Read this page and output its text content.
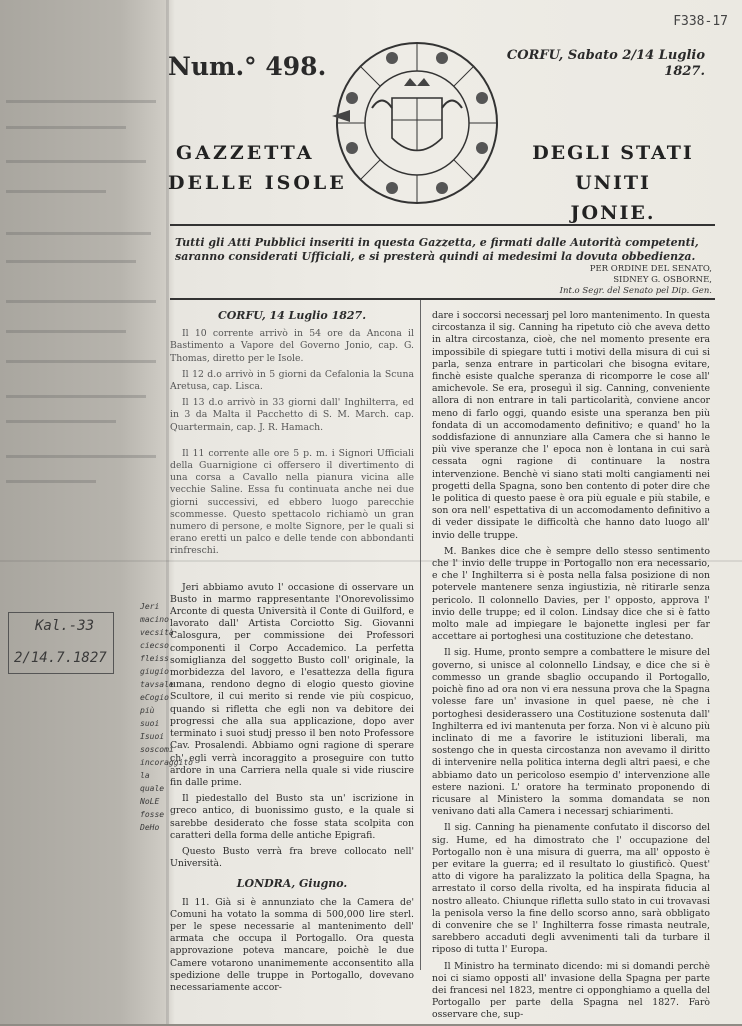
F338-17
Num.° 498.	CORFU, Sabato 2/14 Luglio
1827.
GAZZETTA
DELLE ISOLE
DEGLI STATI UNITI
JONIE.
Tutti gli Atti Pubblici inseriti in questa Gazzetta, e firmati dalle Autorità competenti, saranno considerati Ufficiali, e si presterà quindi ai medesimi la dovuta obbedienza.
PER ORDINE DEL SENATO,
SIDNEY G. OSBORNE,
Int.o Segr. del Senato pel Dip. Gen.

CORFU, 14 Luglio 1827.

Il 10 corrente arrivò in 54 ore da Ancona il Bastimento a Vapore del Governo Jonio, cap. G. Thomas, diretto per le Isole.

Il 12 d.o arrivò in 5 giorni da Cefalonia la Scuna Aretusa, cap. Lisca.

Il 13 d.o arrivò in 33 giorni dall' Inghilterra, ed in 3 da Malta il Pacchetto di S. M. March. cap. Quartermain, cap. J. R. Hamach.

Il 11 corrente alle ore 5 p. m. i Signori Ufficiali della Guarnigione ci offersero il divertimento di una corsa a Cavallo nella pianura vicina alle vecchie Saline. Essa fu continuata anche nei due giorni successivi, ed ebbero luogo parecchie scommesse. Questo spettacolo richiamò un gran numero di persone, e molte Signore, per le quali si erano eretti un palco e delle tende con abbondanti rinfreschi.

Jeri abbiamo avuto l' occasione di osservare un Busto in marmo rappresentante l'Onorevolissimo Arconte di questa Università il Conte di Guilford, e lavorato dall' Artista Corciotto Sig. Giovanni Calosgura, per commissione dei Professori componenti il Corpo Accademico. La perfetta somiglianza del soggetto Busto coll' originale, la morbidezza del lavoro, e l'esattezza della figura umana, rendono degno di elogio questo giovine Scultore, il cui merito si rende vie più cospicuo, quando si rifletta che egli non va debitore dei progressi che alla sua applicazione, dopo aver terminato i suoi studj presso il ben noto Professore Cav. Prosalendi. Abbiamo ogni ragione di sperare ch' egli verrà incoraggito a proseguire con tutto ardore in una Carriera nella quale si vide riuscire fin dalle prime.

Il piedestallo del Busto sta un' iscrizione in greco antico, di buonissimo gusto, e la quale si sarebbe desiderato che fosse stata scolpita con caratteri della forma delle antiche Epigrafi.

Questo Busto verrà fra breve collocato nell' Università.

LONDRA, Giugno.

Il 11. Già si è annunziato che la Camera de' Comuni ha votato la somma di 500,000 lire sterl. per le spese necessarie al mantenimento dell' armata che occupa il Portogallo. Ora questa approvazione poteva mancare, poichè le due Camere votarono unanimemente acconsentito alla spedizione delle truppe in Portogallo, dovevano necessariamente accor-

dare i soccorsi necessarj pel loro mantenimento. In questa circostanza il sig. Canning ha ripetuto ciò che aveva detto in altra circostanza, cioè, che nel momento presente era impossibile di spiegare tutti i motivi della misura di cui si parla, senza entrare in particolari che bisogna evitare, finchè esiste qualche speranza di ricomporre le cose all' amichevole. Se era, proseguì il sig. Canning, conveniente allora di non entrare in tali particolarità, conviene ancor meno di farlo oggi, quando esiste una speranza ben più fondata di un accomodamento definitivo; e quand' ho la soddisfazione di annunziare alla Camera che si hanno le più vive speranze che l' epoca non è lontana in cui sarà cessata ogni ragione di continuare la nostra intervenzione. Benchè vi siano stati molti cangiamenti nei progetti della Spagna, sono ben contento di poter dire che le politica di questo paese è ora più eguale e più stabile, e son ora nell' espettativa di un accomodamento definitivo a di veder dissipate le difficoltà che hanno dato luogo all' invio delle truppe.

M. Bankes dice che è sempre dello stesso sentimento che l' invio delle truppe in Portogallo non era necessario, e che l' Inghilterra si è posta nella falsa posizione di non potervele mantenere senza ingiustizia, nè ritirarle senza pericolo. Il colonnello Davies, per l' opposto, approva l' invio delle truppe; ed il colon. Lindsay dice che si è fatto molto male ad impiegare le bajonette inglesi per far accettare ai portoghesi una costituzione che detestano.

Il sig. Hume, pronto sempre a combattere le misure del governo, si unisce al colonnello Lindsay, e dice che si è commesso un grande sbaglio occupando il Portogallo, poichè fino ad ora non vi era nessuna prova che la Spagna volesse fare un' invasione in quel paese, nè che i portoghesi desiderassero una Costituzione sostenuta dall' Inghilterra ed ivi mantenuta per forza. Non vi è alcuno più inclinato di me a favorire le istituzioni liberali, ma sostengo che in questa circostanza non avevamo il diritto di intervenire nella politica interna degli altri paesi, e che abbiamo dato un pericoloso esempio d' intervenzione alle estere nazioni. L' oratore ha terminato proponendo di ricusare al Ministero la somma domandata se non venivano dati alla Camera i necessarj schiarimenti.

Il sig. Canning ha pienamente confutato il discorso del sig. Hume, ed ha dimostrato che l' occupazione del Portogallo non è una misura di guerra, ma all' opposto è per evitare la guerra; ed il resultato lo giustificò. Quest' atto di vigore ha paralizzato la politica della Spagna, ha arrestato il corso della rivolta, ed ha inspirata fiducia al nostro alleato. Chiunque rifletta sullo stato in cui trovavasi la penisola verso la fine dello scorso anno, sarà obbligato di convenire che se l' Inghilterra fosse rimasta neutrale, sarebbero accaduti degli avvenimenti tali da turbare il riposo di tutta l' Europa.

Il Ministro ha terminato dicendo: mi si domandi perchè noi ci siamo opposti all' invasione della Spagna per parte dei francesi nel 1823, mentre ci opponghiamo a quella del Portogallo per parte della Spagna nel 1827. Farò osservare che, sup-

Jeri
macino
vecsità
ciecso
fleiss
giugio
tavsale
eCogio
più
suoi
Isuoi
soscomi
incoraggito
la quale
NoLE
fosse
DeHo
Kal.-33
2/14.7.1827
